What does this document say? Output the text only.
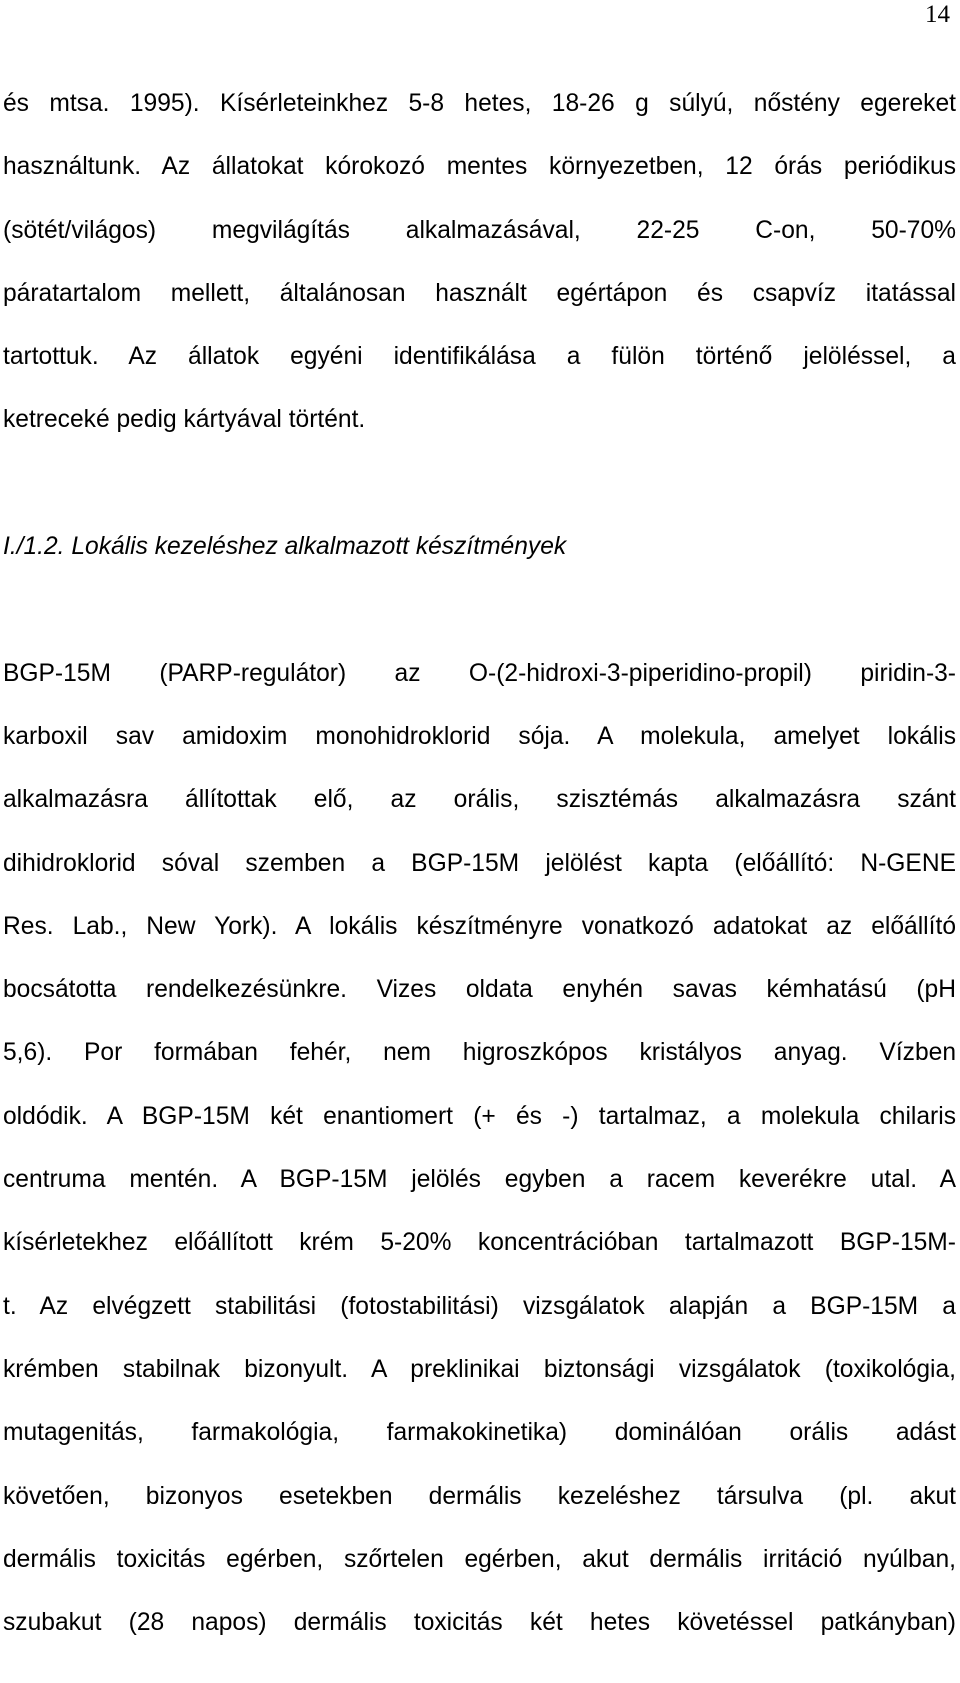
14
és mtsa. 1995). Kísérleteinkhez 5-8 hetes, 18-26 g súlyú, nőstény egereket
használtunk. Az állatokat kórokozó mentes környezetben, 12 órás periódikus
(sötét/világos) megvilágítás alkalmazásával, 22-25 C-on, 50-70%
páratartalom mellett, általánosan használt egértápon és csapvíz itatással
tartottuk. Az állatok egyéni identifikálása a fülön történő jelöléssel, a
ketreceké pedig kártyával történt.
I./1.2. Lokális kezeléshez alkalmazott készítmények
BGP-15M (PARP-regulátor) az O-(2-hidroxi-3-piperidino-propil) piridin-3-
karboxil sav amidoxim monohidroklorid sója. A molekula, amelyet lokális
alkalmazásra állítottak elő, az orális, szisztémás alkalmazásra szánt
dihidroklorid sóval szemben a BGP-15M jelölést kapta (előállító: N-GENE
Res. Lab., New York). A lokális készítményre vonatkozó adatokat az előállító
bocsátotta rendelkezésünkre. Vizes oldata enyhén savas kémhatású (pH
5,6). Por formában fehér, nem higroszkópos kristályos anyag. Vízben
oldódik. A BGP-15M két enantiomert (+ és -) tartalmaz, a molekula chilaris
centruma mentén. A BGP-15M jelölés egyben a racem keverékre utal. A
kísérletekhez előállított krém 5-20% koncentrációban tartalmazott BGP-15M-
t. Az elvégzett stabilitási (fotostabilitási) vizsgálatok alapján a BGP-15M a
krémben stabilnak bizonyult. A preklinikai biztonsági vizsgálatok (toxikológia,
mutagenitás, farmakológia, farmakokinetika) dominálóan orális adást
követően, bizonyos esetekben dermális kezeléshez társulva (pl. akut
dermális toxicitás egérben, szőrtelen egérben, akut dermális irritáció nyúlban,
szubakut (28 napos) dermális toxicitás két hetes követéssel patkányban)
